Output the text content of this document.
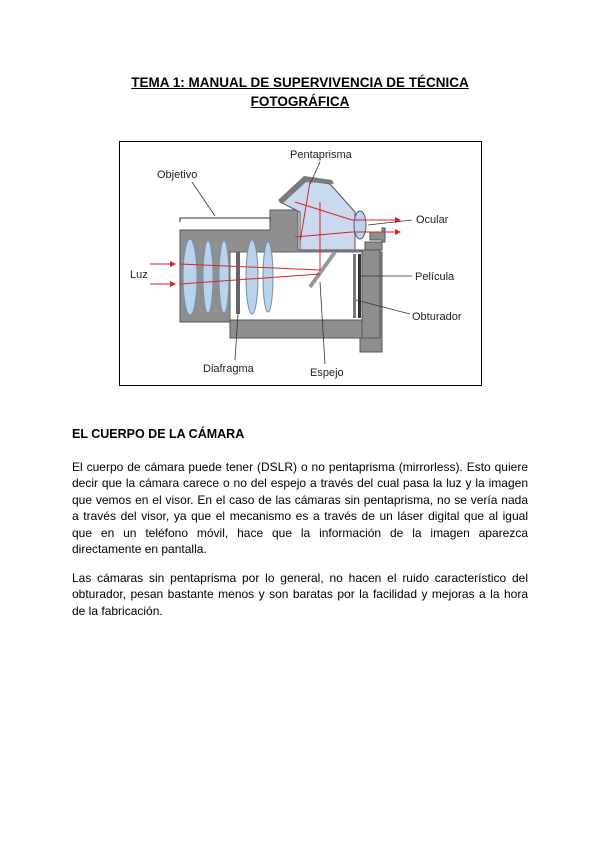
TEMA 1: MANUAL DE SUPERVIVENCIA DE TÉCNICA
FOTOGRÁFICA
Pentaprisma
Objetivo
Ocular
Luz	Película
Obturador
Diafragma	Espejo
EL CUERPO DE LA CÁMARA

El cuerpo de cámara puede tener (DSLR) o no pentaprisma (mirrorless). Esto quiere decir que la cámara carece o no del espejo a través del cual pasa la luz y la imagen que vemos en el visor. En el caso de las cámaras sin pentaprisma, no se vería nada a través del visor, ya que el mecanismo es a través de un láser digital que al igual que en un teléfono móvil, hace que la información de la imagen aparezca directamente en pantalla.

Las cámaras sin pentaprisma por lo general, no hacen el ruido característico del obturador, pesan bastante menos y son baratas por la facilidad y mejoras a la hora de la fabricación.
